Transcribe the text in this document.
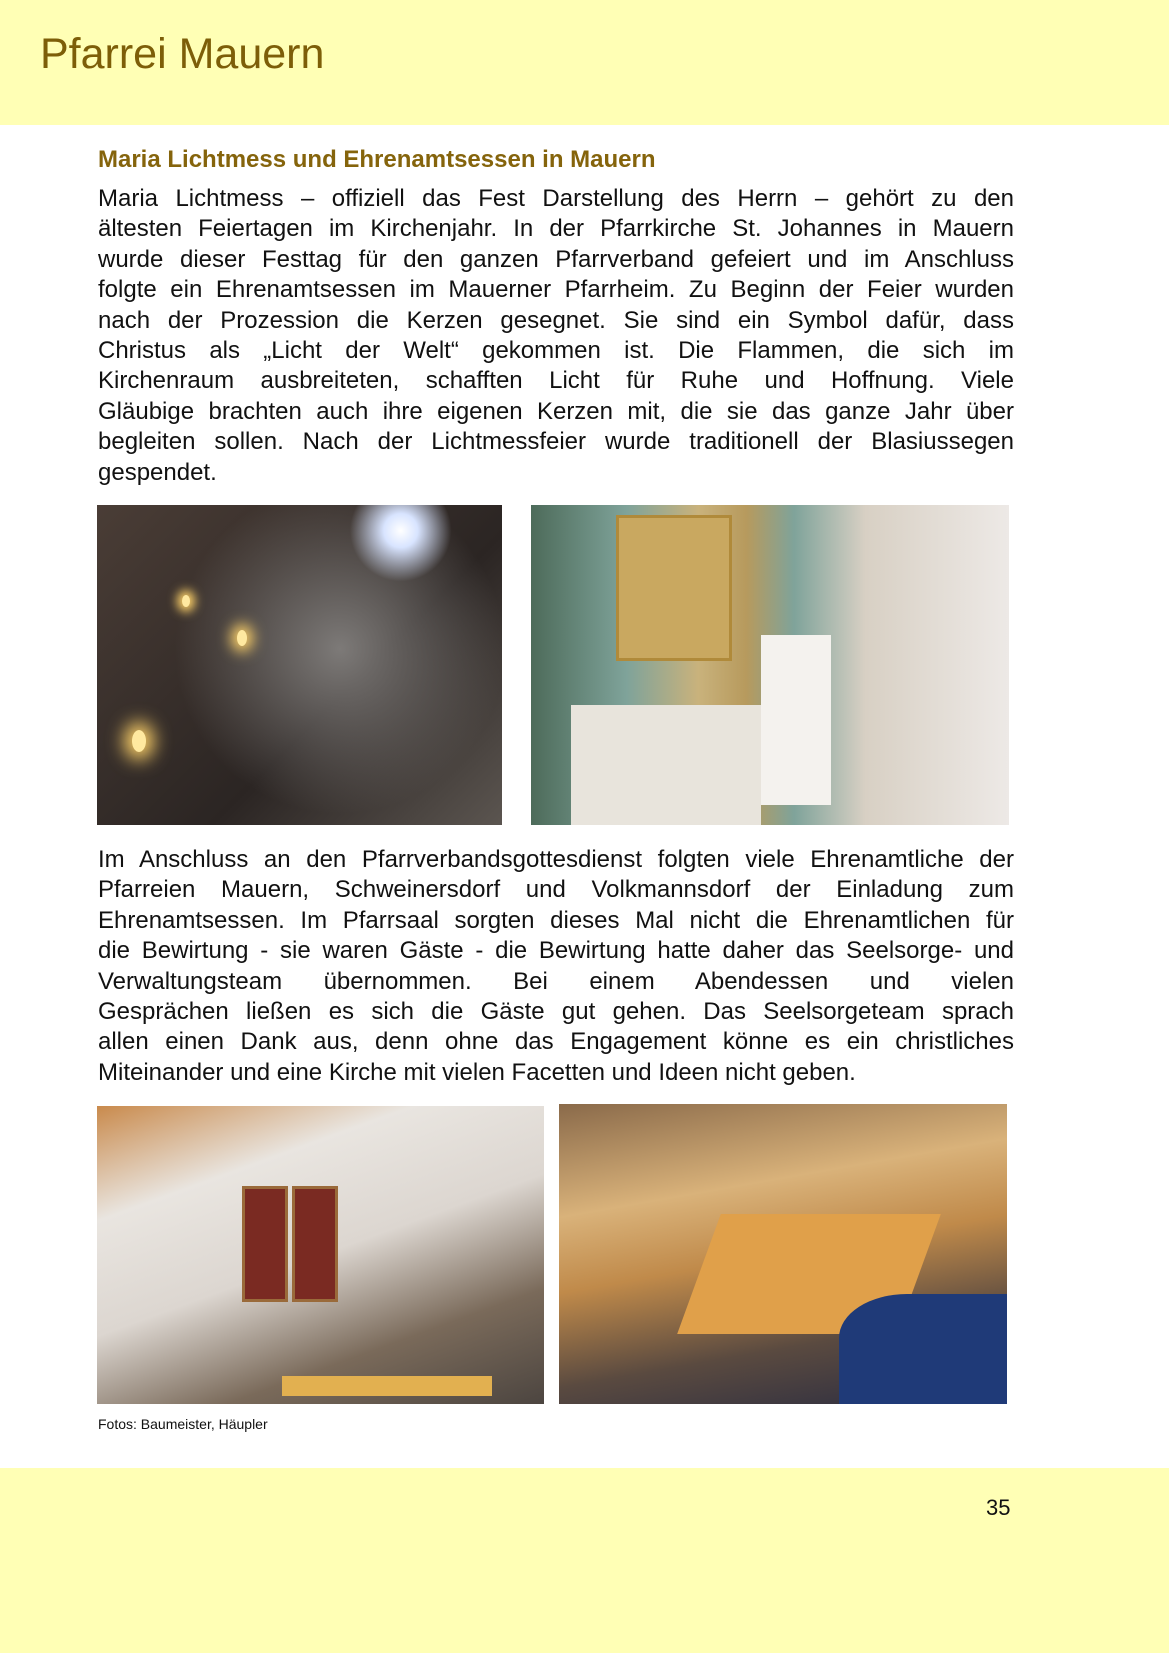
Pfarrei Mauern
Maria Lichtmess und Ehrenamtsessen in Mauern
Maria Lichtmess – offiziell das Fest Darstellung des Herrn – gehört zu den
ältesten Feiertagen im Kirchenjahr. In der Pfarrkirche St. Johannes in Mauern
wurde dieser Festtag für den ganzen Pfarrverband gefeiert und im Anschluss
folgte ein Ehrenamtsessen im Mauerner Pfarrheim. Zu Beginn der Feier wurden
nach der Prozession die Kerzen gesegnet. Sie sind ein Symbol dafür, dass
Christus als „Licht der Welt“ gekommen ist. Die Flammen, die sich im
Kirchenraum ausbreiteten, schafften Licht für Ruhe und Hoffnung. Viele
Gläubige brachten auch ihre eigenen Kerzen mit, die sie das ganze Jahr über
begleiten sollen. Nach der Lichtmessfeier wurde traditionell der Blasiussegen
gespendet.
Im Anschluss an den Pfarrverbandsgottesdienst folgten viele Ehrenamtliche der
Pfarreien Mauern, Schweinersdorf und Volkmannsdorf der Einladung zum
Ehrenamtsessen. Im Pfarrsaal sorgten dieses Mal nicht die Ehrenamtlichen für
die Bewirtung - sie waren Gäste - die Bewirtung hatte daher das Seelsorge- und
Verwaltungsteam übernommen. Bei einem Abendessen und vielen
Gesprächen ließen es sich die Gäste gut gehen. Das Seelsorgeteam sprach
allen einen Dank aus, denn ohne das Engagement könne es ein christliches
Miteinander und eine Kirche mit vielen Facetten und Ideen nicht geben.
Fotos: Baumeister, Häupler
35
